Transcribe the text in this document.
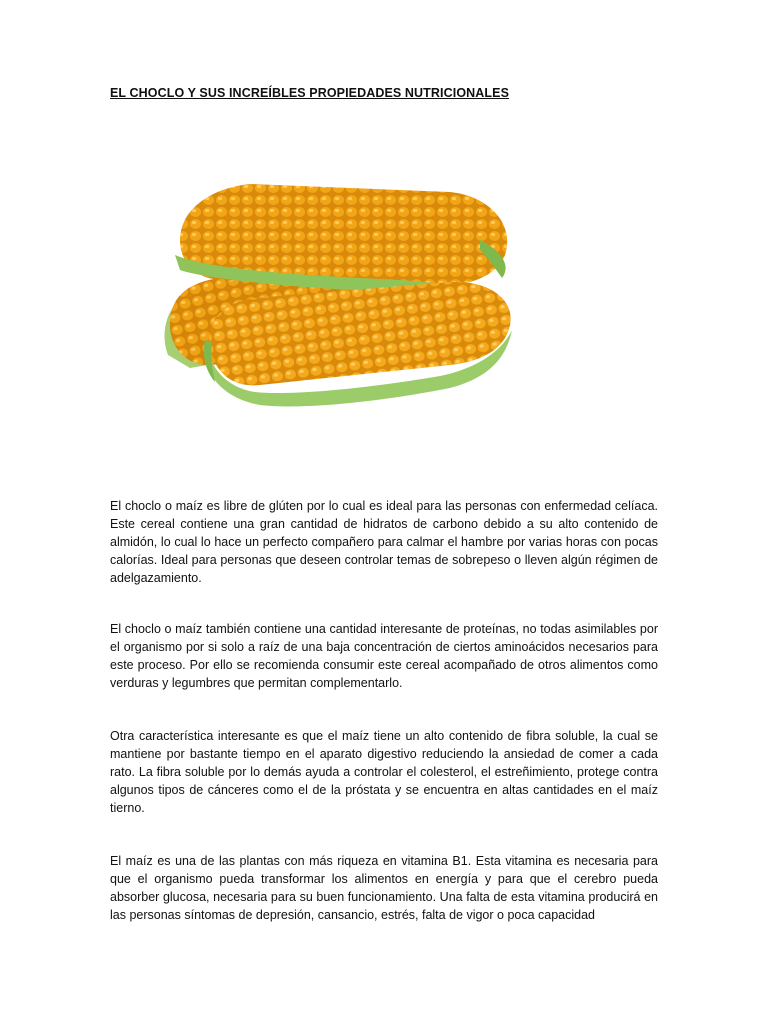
EL CHOCLO Y SUS INCREÍBLES PROPIEDADES NUTRICIONALES

El choclo o maíz es libre de glúten por lo cual es ideal para las personas con enfermedad celíaca. Este cereal contiene una gran cantidad de hidratos de carbono debido a su alto contenido de almidón, lo cual lo hace un perfecto compañero para calmar el hambre por varias horas con pocas calorías. Ideal para personas que deseen controlar temas de sobrepeso o lleven algún régimen de adelgazamiento.

El choclo o maíz también contiene una cantidad interesante de proteínas, no todas asimilables por el organismo por si solo a raíz de una baja concentración de ciertos aminoácidos necesarios para este proceso. Por ello se recomienda consumir este cereal acompañado de otros alimentos como verduras y legumbres que permitan complementarlo.

Otra característica interesante es que el maíz tiene un alto contenido de fibra soluble, la cual se mantiene por bastante tiempo en el aparato digestivo reduciendo la ansiedad de comer a cada rato. La fibra soluble por lo demás ayuda a controlar el colesterol, el estreñimiento, protege contra algunos tipos de cánceres como el de la próstata y se encuentra en altas cantidades en el maíz tierno.

El maíz es una de las plantas con más riqueza en vitamina B1. Esta vitamina es necesaria para que el organismo pueda transformar los alimentos en energía y para que el cerebro pueda absorber glucosa, necesaria para su buen funcionamiento. Una falta de esta vitamina producirá en las personas síntomas de depresión, cansancio, estrés, falta de vigor o poca capacidad
